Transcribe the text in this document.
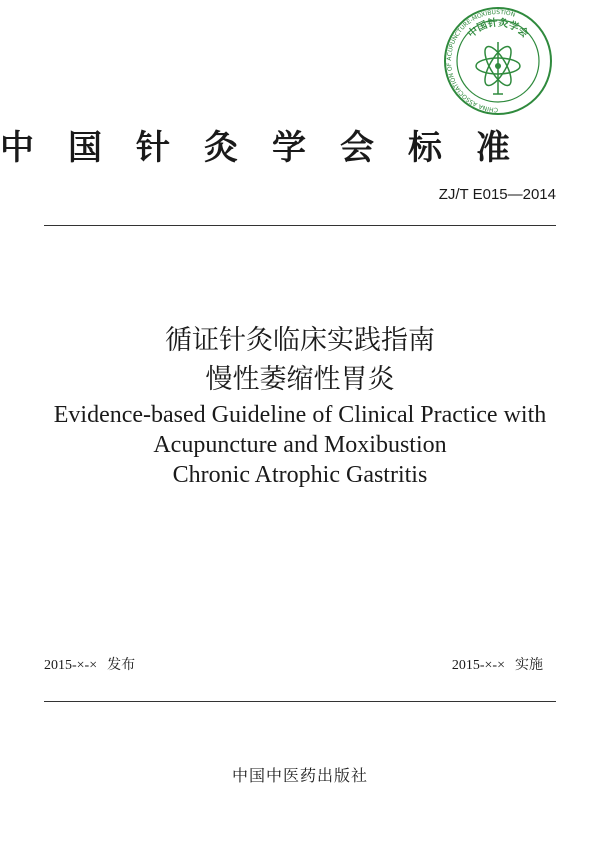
CHINA ASSOCIATION OF ACUPUNCTURE-MOXIBUSTION
中国针灸学会
中国针灸学会标准
ZJ/T E015—2014
循证针灸临床实践指南
慢性萎缩性胃炎
Evidence-based Guideline of Clinical Practice with
Acupuncture and Moxibustion
Chronic Atrophic Gastritis
2015-×-× 发布	2015-×-× 实施
中国中医药出版社
